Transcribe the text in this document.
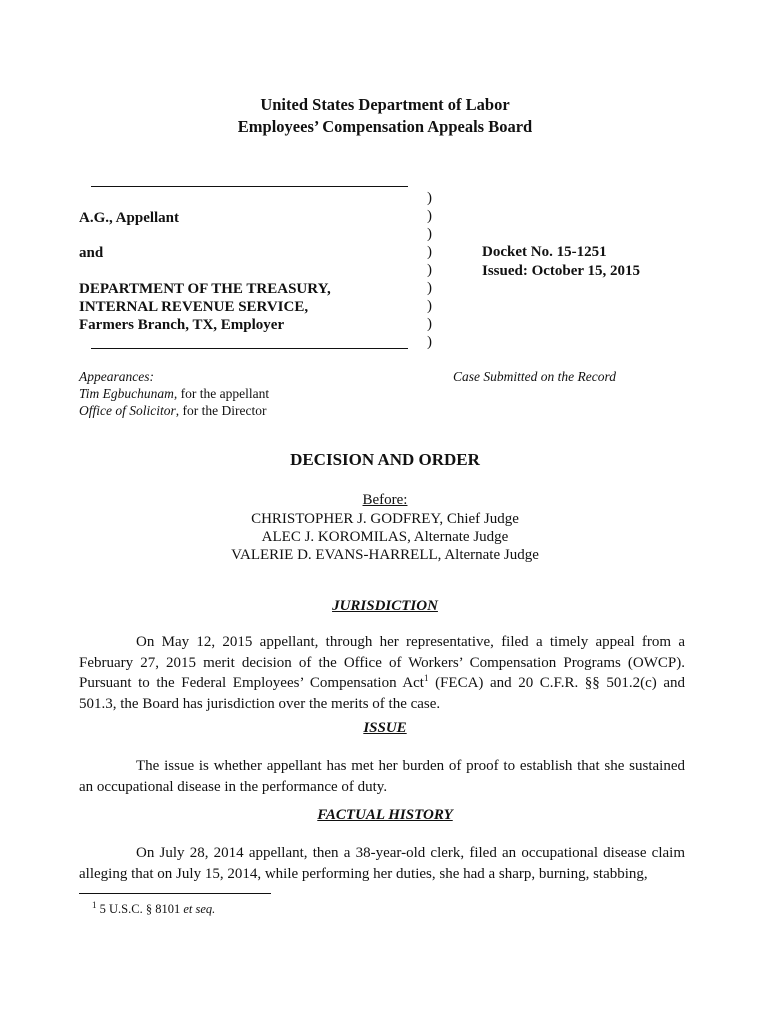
United States Department of Labor
Employees’ Compensation Appeals Board
A.G., Appellant
and
DEPARTMENT OF THE TREASURY,
INTERNAL REVENUE SERVICE,
Farmers Branch, TX, Employer
)
)
)
)
)
)
)
)
)
Docket No. 15-1251
Issued: October 15, 2015
Appearances:
Tim Egbuchunam, for the appellant
Office of Solicitor, for the Director
Case Submitted on the Record
DECISION AND ORDER
Before:
CHRISTOPHER J. GODFREY, Chief Judge
ALEC J. KOROMILAS, Alternate Judge
VALERIE D. EVANS-HARRELL, Alternate Judge
JURISDICTION
On May 12, 2015 appellant, through her representative, filed a timely appeal from a February 27, 2015 merit decision of the Office of Workers’ Compensation Programs (OWCP). Pursuant to the Federal Employees’ Compensation Act$^1$ (FECA) and 20 C.F.R. §§ 501.2(c) and 501.3, the Board has jurisdiction over the merits of the case.
ISSUE
The issue is whether appellant has met her burden of proof to establish that she sustained an occupational disease in the performance of duty.
FACTUAL HISTORY
On July 28, 2014 appellant, then a 38-year-old clerk, filed an occupational disease claim alleging that on July 15, 2014, while performing her duties, she had a sharp, burning, stabbing,
$^1$ 5 U.S.C. § 8101 et seq.
